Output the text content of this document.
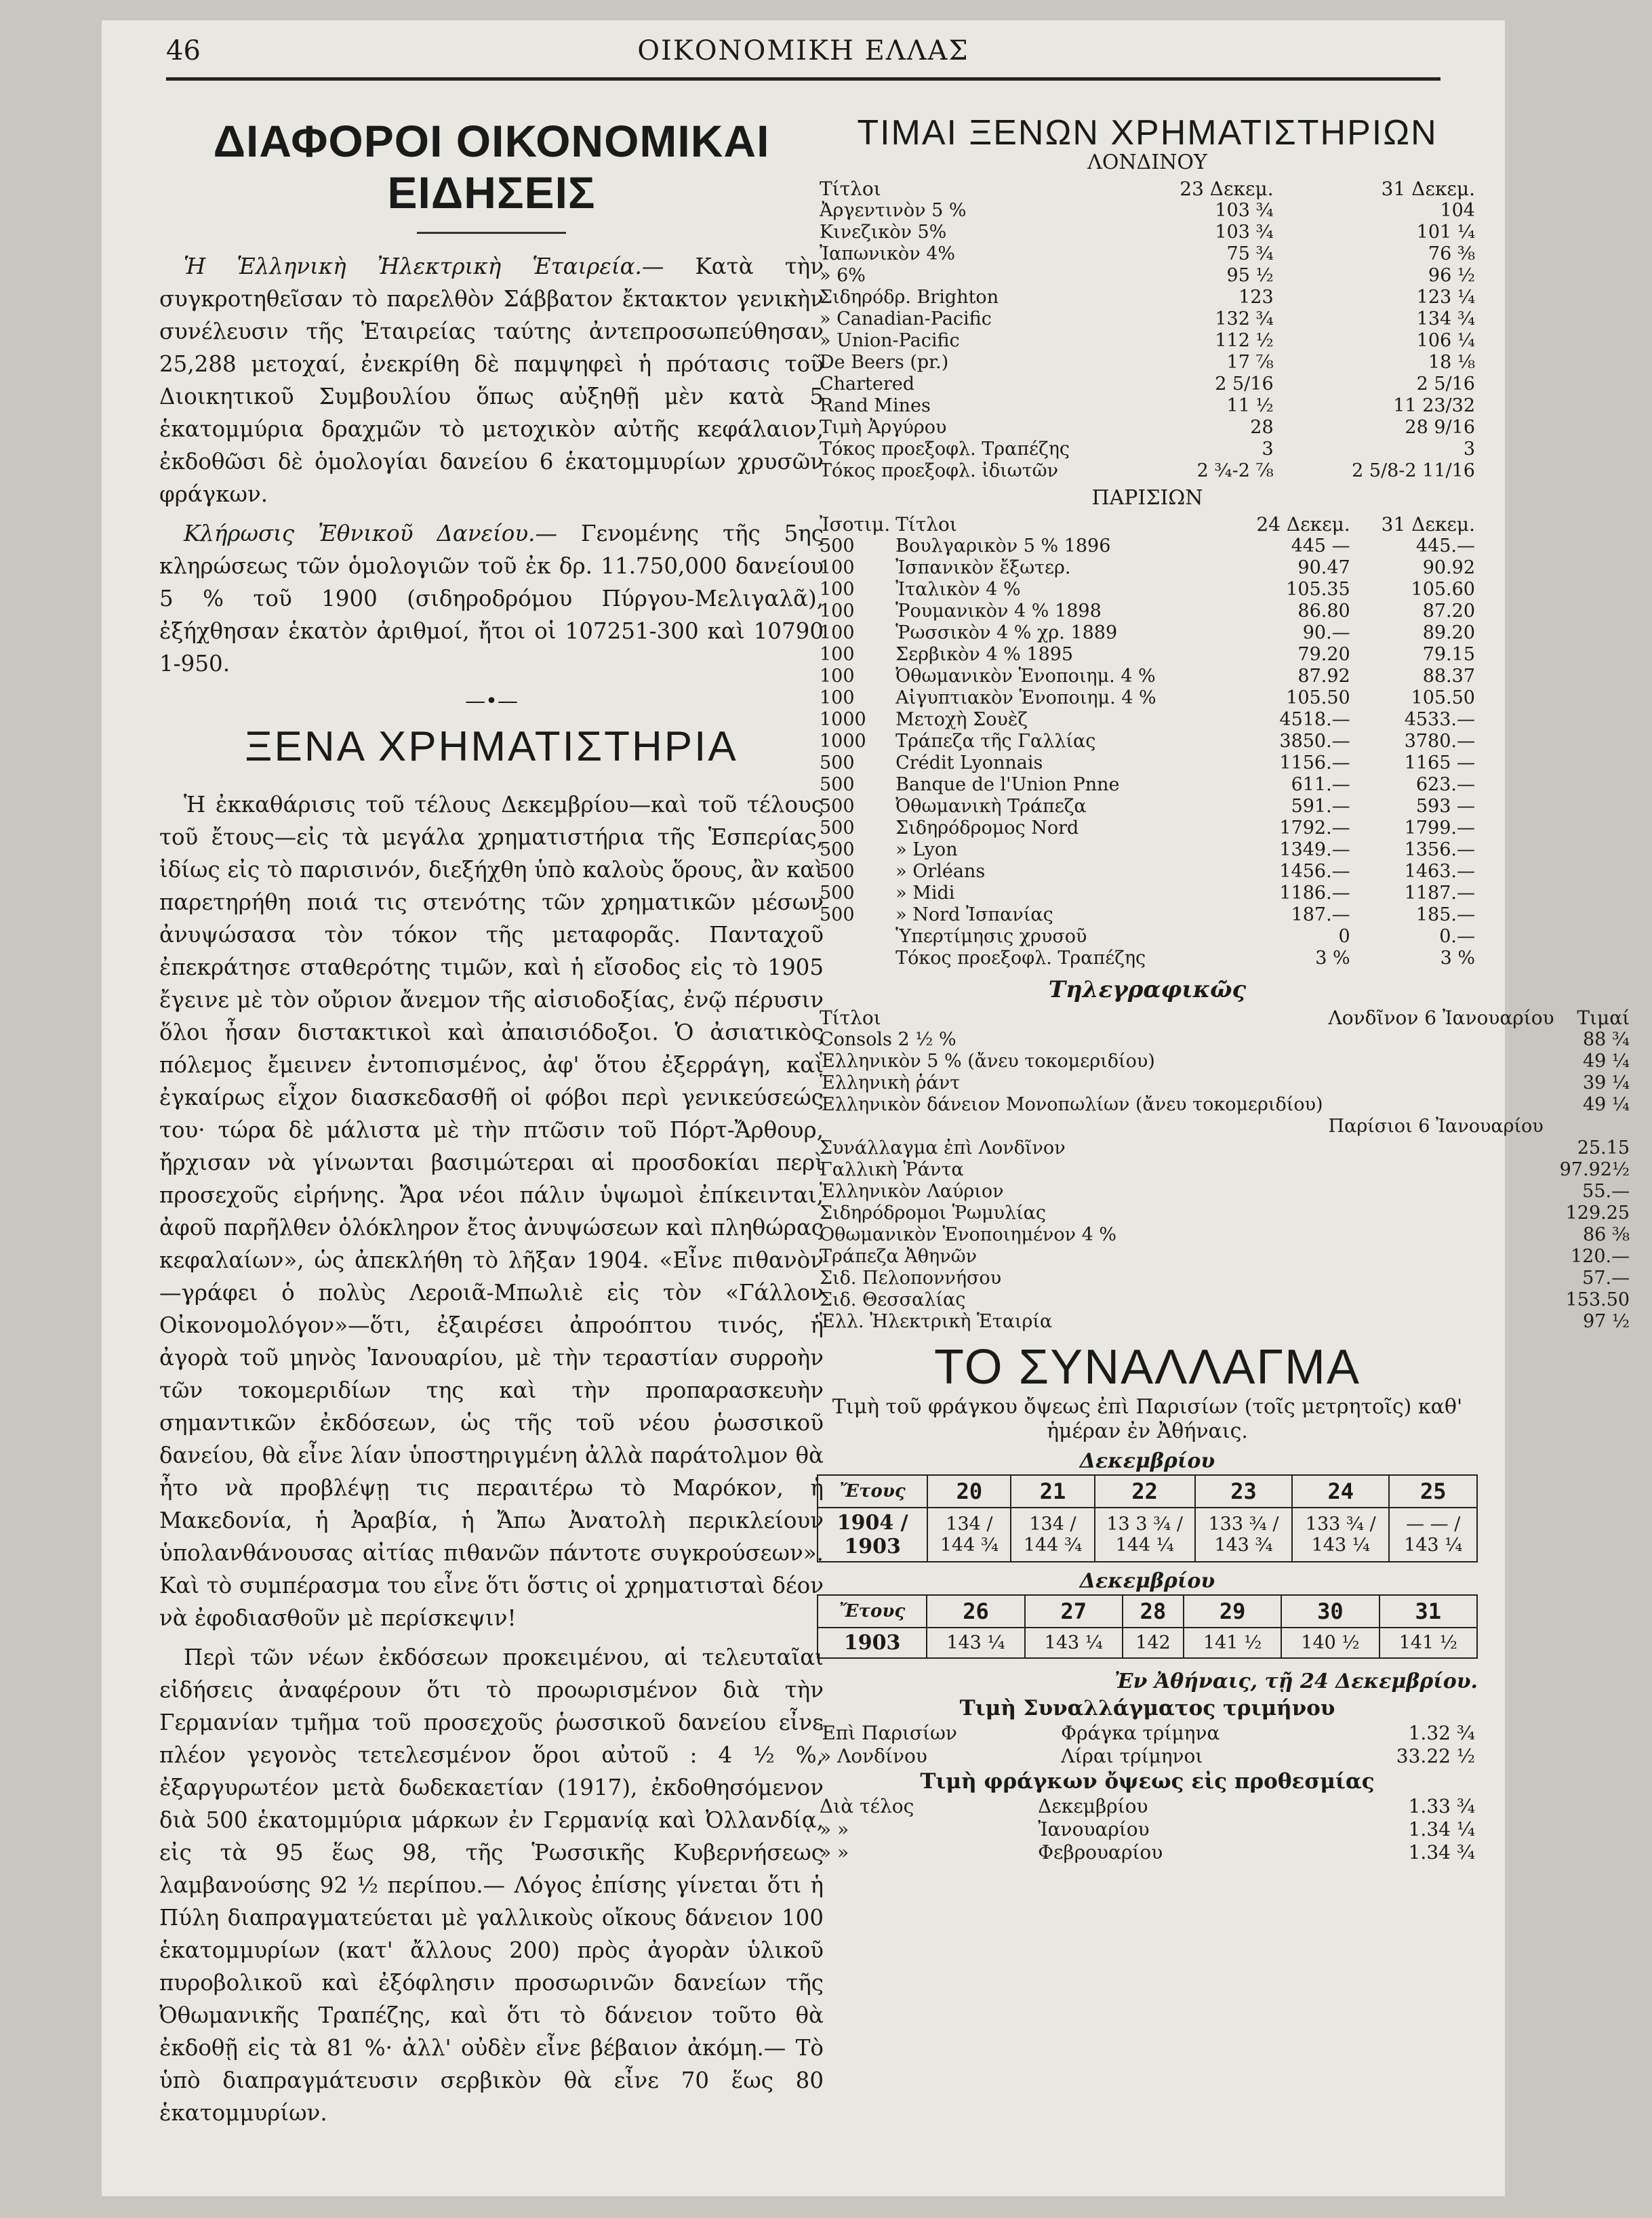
46	ΟΙΚΟΝΟΜΙΚΗ ΕΛΛΑΣ
ΔΙΑΦΟΡΟΙ ΟΙΚΟΝΟΜΙΚΑΙ ΕΙΔΗΣΕΙΣ

Ἡ Ἑλληνικὴ Ἠλεκτρικὴ Ἑταιρεία.— Κατὰ τὴν συγκροτηθεῖσαν τὸ παρελθὸν Σάββατον ἔκτακτον γενικὴν συνέλευσιν τῆς Ἑταιρείας ταύτης ἀντεπροσωπεύθησαν 25,288 μετοχαί, ἐνεκρίθη δὲ παμψηφεὶ ἡ πρότασις τοῦ Διοικητικοῦ Συμβουλίου ὅπως αὐξηθῇ μὲν κατὰ 5 ἑκατομμύρια δραχμῶν τὸ μετοχικὸν αὐτῆς κεφάλαιον, ἐκδοθῶσι δὲ ὁμολογίαι δανείου 6 ἑκατομμυρίων χρυσῶν φράγκων.

Κλήρωσις Ἐθνικοῦ Δανείου.— Γενομένης τῆς 5ης κληρώσεως τῶν ὁμολογιῶν τοῦ ἐκ δρ. 11.750,000 δανείου 5 % τοῦ 1900 (σιδηροδρόμου Πύργου-Μελιγαλᾶ), ἐξήχθησαν ἑκατὸν ἀριθμοί, ἤτοι οἱ 107251-300 καὶ 10790 1-950.

—•—
ΞΕΝΑ ΧΡΗΜΑΤΙΣΤΗΡΙΑ

Ἡ ἐκκαθάρισις τοῦ τέλους Δεκεμβρίου—καὶ τοῦ τέλους τοῦ ἔτους—εἰς τὰ μεγάλα χρηματιστήρια τῆς Ἑσπερίας, ἰδίως εἰς τὸ παρισινόν, διεξήχθη ὑπὸ καλοὺς ὅρους, ἂν καὶ παρετηρήθη ποιά τις στενότης τῶν χρηματικῶν μέσων ἀνυψώσασα τὸν τόκον τῆς μεταφορᾶς. Πανταχοῦ ἐπεκράτησε σταθερότης τιμῶν, καὶ ἡ εἴσοδος εἰς τὸ 1905 ἔγεινε μὲ τὸν οὔριον ἄνεμον τῆς αἰσιοδοξίας, ἐνῷ πέρυσιν ὅλοι ἦσαν διστακτικοὶ καὶ ἀπαισιόδοξοι. Ὁ ἀσιατικὸς πόλεμος ἔμεινεν ἐντοπισμένος, ἀφ' ὅτου ἐξερράγη, καὶ ἐγκαίρως εἶχον διασκεδασθῆ οἱ φόβοι περὶ γενικεύσεώς του· τώρα δὲ μάλιστα μὲ τὴν πτῶσιν τοῦ Πόρτ-Ἄρθουρ, ἤρχισαν νὰ γίνωνται βασιμώτεραι αἱ προσδοκίαι περὶ προσεχοῦς εἰρήνης. Ἄρα νέοι πάλιν ὑψωμοὶ ἐπίκεινται, ἀφοῦ παρῆλθεν ὁλόκληρον ἔτος ἀνυψώσεων καὶ πληθώρας κεφαλαίων», ὡς ἀπεκλήθη τὸ λῆξαν 1904. «Εἶνε πιθανὸν —γράφει ὁ πολὺς Λεροιᾶ-Μπωλιὲ εἰς τὸν «Γάλλον Οἰκονομολόγον»—ὅτι, ἐξαιρέσει ἀπροόπτου τινός, ἡ ἀγορὰ τοῦ μηνὸς Ἰανουαρίου, μὲ τὴν τεραστίαν συρροὴν τῶν τοκομεριδίων της καὶ τὴν προπαρασκευὴν σημαντικῶν ἐκδόσεων, ὡς τῆς τοῦ νέου ῥωσσικοῦ δανείου, θὰ εἶνε λίαν ὑποστηριγμένη ἀλλὰ παράτολμον θὰ ἦτο νὰ προβλέψῃ τις περαιτέρω τὸ Μαρόκον, ἡ Μακεδονία, ἡ Ἀραβία, ἡ Ἄπω Ἀνατολὴ περικλείουν ὑπολανθάνουσας αἰτίας πιθανῶν πάντοτε συγκρούσεων». Καὶ τὸ συμπέρασμα του εἶνε ὅτι ὅστις οἱ χρηματισταὶ δέον νὰ ἐφοδιασθοῦν μὲ περίσκεψιν!

Περὶ τῶν νέων ἐκδόσεων προκειμένου, αἱ τελευταῖαι εἰδήσεις ἀναφέρουν ὅτι τὸ προωρισμένον διὰ τὴν Γερμανίαν τμῆμα τοῦ προσεχοῦς ῥωσσικοῦ δανείου εἶνε πλέον γεγονὸς τετελεσμένον ὅροι αὐτοῦ : 4 ½ %, ἐξαργυρωτέον μετὰ δωδεκαετίαν (1917), ἐκδοθησόμενον διὰ 500 ἑκατομμύρια μάρκων ἐν Γερμανίᾳ καὶ Ὀλλανδίᾳ, εἰς τὰ 95 ἕως 98, τῆς Ῥωσσικῆς Κυβερνήσεως λαμβανούσης 92 ½ περίπου.— Λόγος ἐπίσης γίνεται ὅτι ἡ Πύλη διαπραγματεύεται μὲ γαλλικοὺς οἴκους δάνειον 100 ἑκατομμυρίων (κατ' ἄλλους 200) πρὸς ἀγορὰν ὑλικοῦ πυροβολικοῦ καὶ ἐξόφλησιν προσωρινῶν δανείων τῆς Ὀθωμανικῆς Τραπέζης, καὶ ὅτι τὸ δάνειον τοῦτο θὰ ἐκδοθῇ εἰς τὰ 81 %· ἀλλ' οὐδὲν εἶνε βέβαιον ἀκόμη.— Τὸ ὑπὸ διαπραγμάτευσιν σερβικὸν θὰ εἶνε 70 ἕως 80 ἑκατομμυρίων.

ΤΙΜΑΙ ΞΕΝΩΝ ΧΡΗΜΑΤΙΣΤΗΡΙΩΝ
ΛΟΝΔΙΝΟΥ
Τίτλοι	23 Δεκεμ.	31 Δεκεμ.
Ἀργεντινὸν 5 %	103 ¾	104
Κινεζικὸν 5%	103 ¾	101 ¼
Ἰαπωνικὸν 4%	75 ¾	76 ⅜
» 6%	95 ½	96 ½
Σιδηρόδρ. Brighton	123	123 ¼
» Canadian-Pacific	132 ¾	134 ¾
» Union-Pacific	112 ½	106 ¼
De Beers (pr.)	17 ⅞	18 ⅛
Chartered	2 5/16	2 5/16
Rand Mines	11 ½	11 23/32
Τιμὴ Ἀργύρου	28	28 9/16
Τόκος προεξοφλ. Τραπέζης	3	3
Τόκος προεξοφλ. ἰδιωτῶν	2 ¾-2 ⅞	2 5/8-2 11/16
ΠΑΡΙΣΙΩΝ
Ἰσοτιμ.	Τίτλοι	24 Δεκεμ.	31 Δεκεμ.
500	Βουλγαρικὸν 5 % 1896	445 —	445.—
100	Ἰσπανικὸν ἔξωτερ.	90.47	90.92
100	Ἰταλικὸν 4 %	105.35	105.60
100	Ῥουμανικὸν 4 % 1898	86.80	87.20
100	Ῥωσσικὸν 4 % χρ. 1889	90.—	89.20
100	Σερβικὸν 4 % 1895	79.20	79.15
100	Ὀθωμανικὸν Ἑνοποιημ. 4 %	87.92	88.37
100	Αἰγυπτιακὸν Ἑνοποιημ. 4 %	105.50	105.50
1000	Μετοχὴ Σουὲζ	4518.—	4533.—
1000	Τράπεζα τῆς Γαλλίας	3850.—	3780.—
500	Crédit Lyonnais	1156.—	1165 —
500	Banque de l'Union Pnne	611.—	623.—
500	Ὀθωμανικὴ Τράπεζα	591.—	593 —
500	Σιδηρόδρομος Nord	1792.—	1799.—
500	» Lyon	1349.—	1356.—
500	» Orléans	1456.—	1463.—
500	» Midi	1186.—	1187.—
500	» Nord Ἰσπανίας	187.—	185.—
	Ὑπερτίμησις χρυσοῦ	0	0.—
	Τόκος προεξοφλ. Τραπέζης	3 %	3 %
Τηλεγραφικῶς
Τίτλοι	Λονδῖνον 6 Ἰανουαρίου	Τιμαί
Consols 2 ½ %		88 ¾
Ἑλληνικὸν 5 % (ἄνευ τοκομεριδίου)		49 ¼
Ἑλληνικὴ ῥάντ		39 ¼
Ἑλληνικὸν δάνειον Μονοπωλίων (ἄνευ τοκομεριδίου)		49 ¼
	Παρίσιοι 6 Ἰανουαρίου	
Συνάλλαγμα ἐπὶ Λονδῖνον		25.15
Γαλλικὴ Ῥάντα		97.92½
Ἑλληνικὸν Λαύριον		55.—
Σιδηρόδρομοι Ῥωμυλίας		129.25
Ὀθωμανικὸν Ἑνοποιημένον 4 %		86 ⅜
Τράπεζα Ἀθηνῶν		120.—
Σιδ. Πελοποννήσου		57.—
Σιδ. Θεσσαλίας		153.50
Ἑλλ. Ἠλεκτρικὴ Ἑταιρία		97 ½
ΤΟ ΣΥΝΑΛΛΑΓΜΑ
Τιμὴ τοῦ φράγκου ὄψεως ἐπὶ Παρισίων (τοῖς μετρητοῖς) καθ' ἡμέραν ἐν Ἀθήναις.
Δεκεμβρίου
Ἔτους	20	21	22	23	24	25
1904 / 1903	134 / 144 ¾	134 / 144 ¾	13 3 ¾ / 144 ¼	133 ¾ / 143 ¾	133 ¾ / 143 ¼	— — / 143 ¼
Δεκεμβρίου
Ἔτους	26	27	28	29	30	31
1903	143 ¼	143 ¼	142	141 ½	140 ½	141 ½
Ἐν Ἀθήναις, τῇ 24 Δεκεμβρίου.
Τιμὴ Συναλλάγματος τριμήνου
Ἐπὶ Παρισίων	Φράγκα τρίμηνα	1.32 ¾
» Λονδίνου	Λίραι τρίμηνοι	33.22 ½
Τιμὴ φράγκων ὄψεως εἰς προθεσμίας
Διὰ τέλος	Δεκεμβρίου	1.33 ¾
» »	Ἰανουαρίου	1.34 ¼
» »	Φεβρουαρίου	1.34 ¾
